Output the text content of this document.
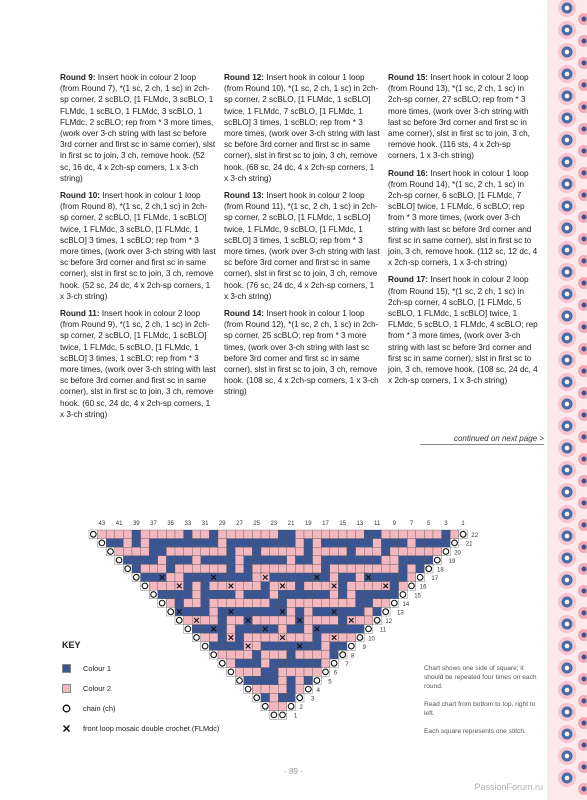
Round 9: Insert hook in colour 2 loop (from Round 7), *(1 sc, 2 ch, 1 sc) in 2ch-sp corner, 2 scBLO, [1 FLMdc, 3 scBLO, 1 FLMdc, 1 scBLO, 1 FLMdc, 3 scBLO, 1 FLMdc, 2 scBLO; rep from * 3 more times, (work over 3-ch string with last sc before 3rd corner and first sc in same corner), slst in first sc to join, 3 ch, remove hook. (52 sc, 16 dc, 4 x 2ch-sp corners, 1 x 3-ch string)

Round 10: Insert hook in colour 1 loop (from Round 8), *(1 sc, 2 ch,1 sc) in 2ch-sp corner, 2 scBLO, [1 FLMdc, 1 scBLO] twice, 1 FLMdc, 3 scBLO, [1 FLMdc, 1 scBLO] 3 times, 1 scBLO; rep from * 3 more times, (work over 3-ch string with last sc before 3rd corner and first sc in same corner), slst in first sc to join, 3 ch, remove hook. (52 sc, 24 dc, 4 x 2ch-sp corners, 1 x 3-ch string)

Round 11: Insert hook in colour 2 loop (from Round 9), *(1 sc, 2 ch, 1 sc) in 2ch-sp corner, 2 scBLO, [1 FLMdc, 1 scBLO] twice, 1 FLMdc, 5 scBLO, [1 FLMdc, 1 scBLO] 3 times, 1 scBLO; rep from * 3 more times, (work over 3-ch string with last sc before 3rd corner and first sc in same corner), slst in first sc to join, 3 ch, remove hook. (60 sc, 24 dc, 4 x 2ch-sp corners, 1 x 3-ch string)

Round 12: Insert hook in colour 1 loop (from Round 10), *(1 sc, 2 ch, 1 sc) in 2ch-sp corner, 2 scBLO, [1 FLMdc, 1 scBLO] twice, 1 FLMdc, 7 scBLO, [1 FLMdc, 1 scBLO] 3 times, 1 scBLO; rep from * 3 more times, (work over 3-ch string with last sc before 3rd corner and first sc in same corner), slst in first sc to join, 3 ch, remove hook. (68 sc, 24 dc, 4 x 2ch-sp corners, 1 x 3-ch string)

Round 13: Insert hook in colour 2 loop (from Round 11), *(1 sc, 2 ch, 1 sc) in 2ch-sp corner, 2 scBLO, [1 FLMdc, 1 scBLO] twice, 1 FLMdc, 9 scBLO, [1 FLMdc, 1 scBLO] 3 times, 1 scBLO; rep from * 3 more times, (work over 3-ch string with last sc before 3rd corner and first sc in same corner), slst in first sc to join, 3 ch, remove hook. (76 sc, 24 dc, 4 x 2ch-sp corners, 1 x 3-ch string)

Round 14: Insert hook in colour 1 loop (from Round 12), *(1 sc, 2 ch, 1 sc) in 2ch-sp corner, 25 scBLO; rep from * 3 more times, (work over 3-ch string with last sc before 3rd corner and first sc in same corner), slst in first sc to join, 3 ch, remove hook. (108 sc, 4 x 2ch-sp corners, 1 x 3-ch string)

Round 15: Insert hook in colour 2 loop (from Round 13), *(1 sc, 2 ch, 1 sc) in 2ch-sp corner, 27 scBLO; rep from * 3 more times, (work over 3-ch string with last sc before 3rd corner and first sc in ame corner), slst in first sc to join, 3 ch, remove hook. (116 sts, 4 x 2ch-sp corners, 1 x 3-ch string)

Round 16: Insert hook in colour 1 loop (from Round 14), *(1 sc, 2 ch, 1 sc) in 2ch-sp corner, 6 scBLO, [1 FLMdc, 7 scBLO] twice, 1 FLMdc, 6 scBLO; rep from * 3 more times, (work over 3-ch string with last sc before 3rd corner and first sc in same corner), slst in first sc to join, 3 ch, remove hook. (112 sc, 12 dc, 4 x 2ch-sp corners, 1 x 3-ch string)

Round 17: Insert hook in colour 2 loop (from Round 15), *(1 sc, 2 ch, 1 sc) in 2ch-sp corner, 4 scBLO, [1 FLMdc, 5 scBLO, 1 FLMdc, 1 scBLO] twice, 1 FLMdc, 5 scBLO, 1 FLMdc, 4 scBLO; rep from * 3 more times, (work over 3-ch string with last sc before 3rd corner and first sc in same corner), slst in first sc to join, 3 ch, remove hook. (108 sc, 24 dc, 4 x 2ch-sp corners, 1 x 3-ch string)

continued on next page >
43 41 39 37 35 33 31 29 27 25 23 21 19 17 15 13 11 9 7 5 3 1
22
21
20
19
18
17
16
15
14
13
12
11
10
9
8
7
6
5
4
3
2
1
KEY
Colour 1
Colour 2
chain (ch)
front loop mosaic double crochet (FLMdc)

Chart shows one side of square; it should be repeated four times on each round.

Read chart from bottom to top, right to left.

Each square represents one stitch.

- 89 -
PassionForum.ru
